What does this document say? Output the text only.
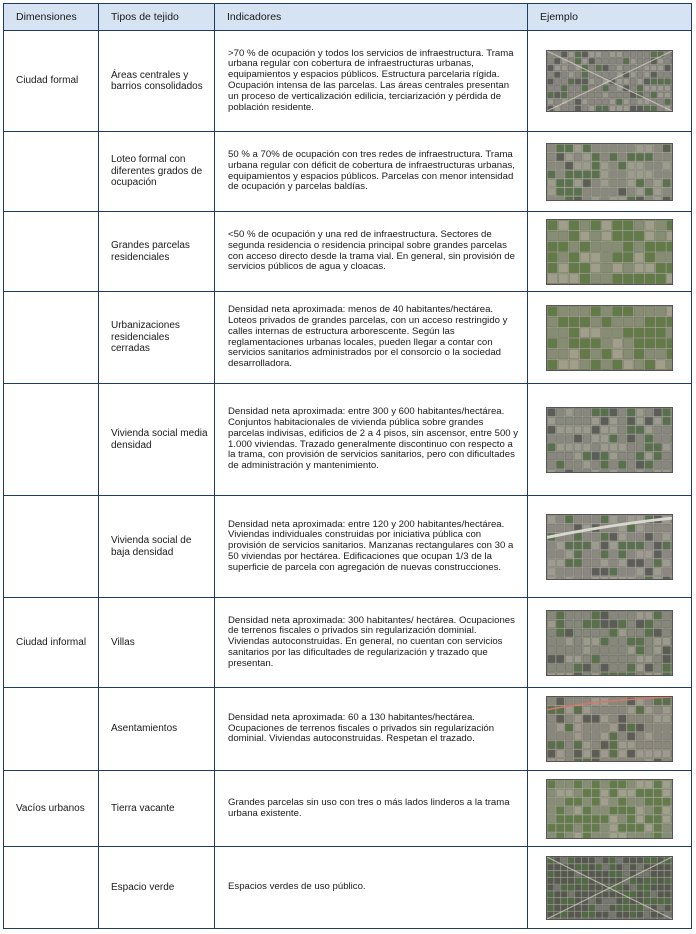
Dimensiones	Tipos de tejido	Indicadores	Ejemplo
Ciudad formal	Áreas centrales y barrios consolidados	>70 % de ocupación y todos los servicios de infraestructura. Trama urbana regular con cobertura de infraestructuras urbanas, equipamientos y espacios públicos. Estructura parcelaria rígida. Ocupación intensa de las parcelas. Las áreas centrales presentan un proceso de verticalización edilicia, terciarización y pérdida de población residente.	

	Loteo formal con diferentes grados de ocupación	50 % a 70% de ocupación con tres redes de infraestructura. Trama urbana regular con déficit de cobertura de infraestructuras urbanas, equipamientos y espacios públicos. Parcelas con menor intensidad de ocupación y parcelas baldías.	

	Grandes parcelas residenciales	<50 % de ocupación y una red de infraestructura. Sectores de segunda residencia o residencia principal sobre grandes parcelas con acceso directo desde la trama vial. En general, sin provisión de servicios públicos de agua y cloacas.	

	Urbanizaciones residenciales cerradas	Densidad neta aproximada: menos de 40 habitantes/hectárea. Loteos privados de grandes parcelas, con un acceso restringido y calles internas de estructura arborescente. Según las reglamentaciones urbanas locales, pueden llegar a contar con servicios sanitarios administrados por el consorcio o la sociedad desarrolladora.	

	Vivienda social media densidad	Densidad neta aproximada: entre 300 y 600 habitantes/hectárea. Conjuntos habitacionales de vivienda pública sobre grandes parcelas indivisas, edificios de 2 a 4 pisos, sin ascensor, entre 500 y 1.000 viviendas. Trazado generalmente discontinuo con respecto a la trama, con provisión de servicios sanitarios, pero con dificultades de administración y mantenimiento.	

	Vivienda social de baja densidad	Densidad neta aproximada: entre 120 y 200 habitantes/hectárea. Viviendas individuales construidas por iniciativa pública con provisión de servicios sanitarios. Manzanas rectangulares con 30 a 50 viviendas por hectárea. Edificaciones que ocupan 1/3 de la superficie de parcela con agregación de nuevas construcciones.	

Ciudad informal	Villas	Densidad neta aproximada: 300 habitantes/ hectárea. Ocupaciones de terrenos fiscales o privados sin regularización dominial. Viviendas autoconstruidas. En general, no cuentan con servicios sanitarios por las dificultades de regularización y trazado que presentan.	

	Asentamientos	Densidad neta aproximada: 60 a 130 habitantes/hectárea. Ocupaciones de terrenos fiscales o privados sin regularización dominial. Viviendas autoconstruidas. Respetan el trazado.	

Vacíos urbanos	Tierra vacante	Grandes parcelas sin uso con tres o más lados linderos a la trama urbana existente.	

	Espacio verde	Espacios verdes de uso público.	
